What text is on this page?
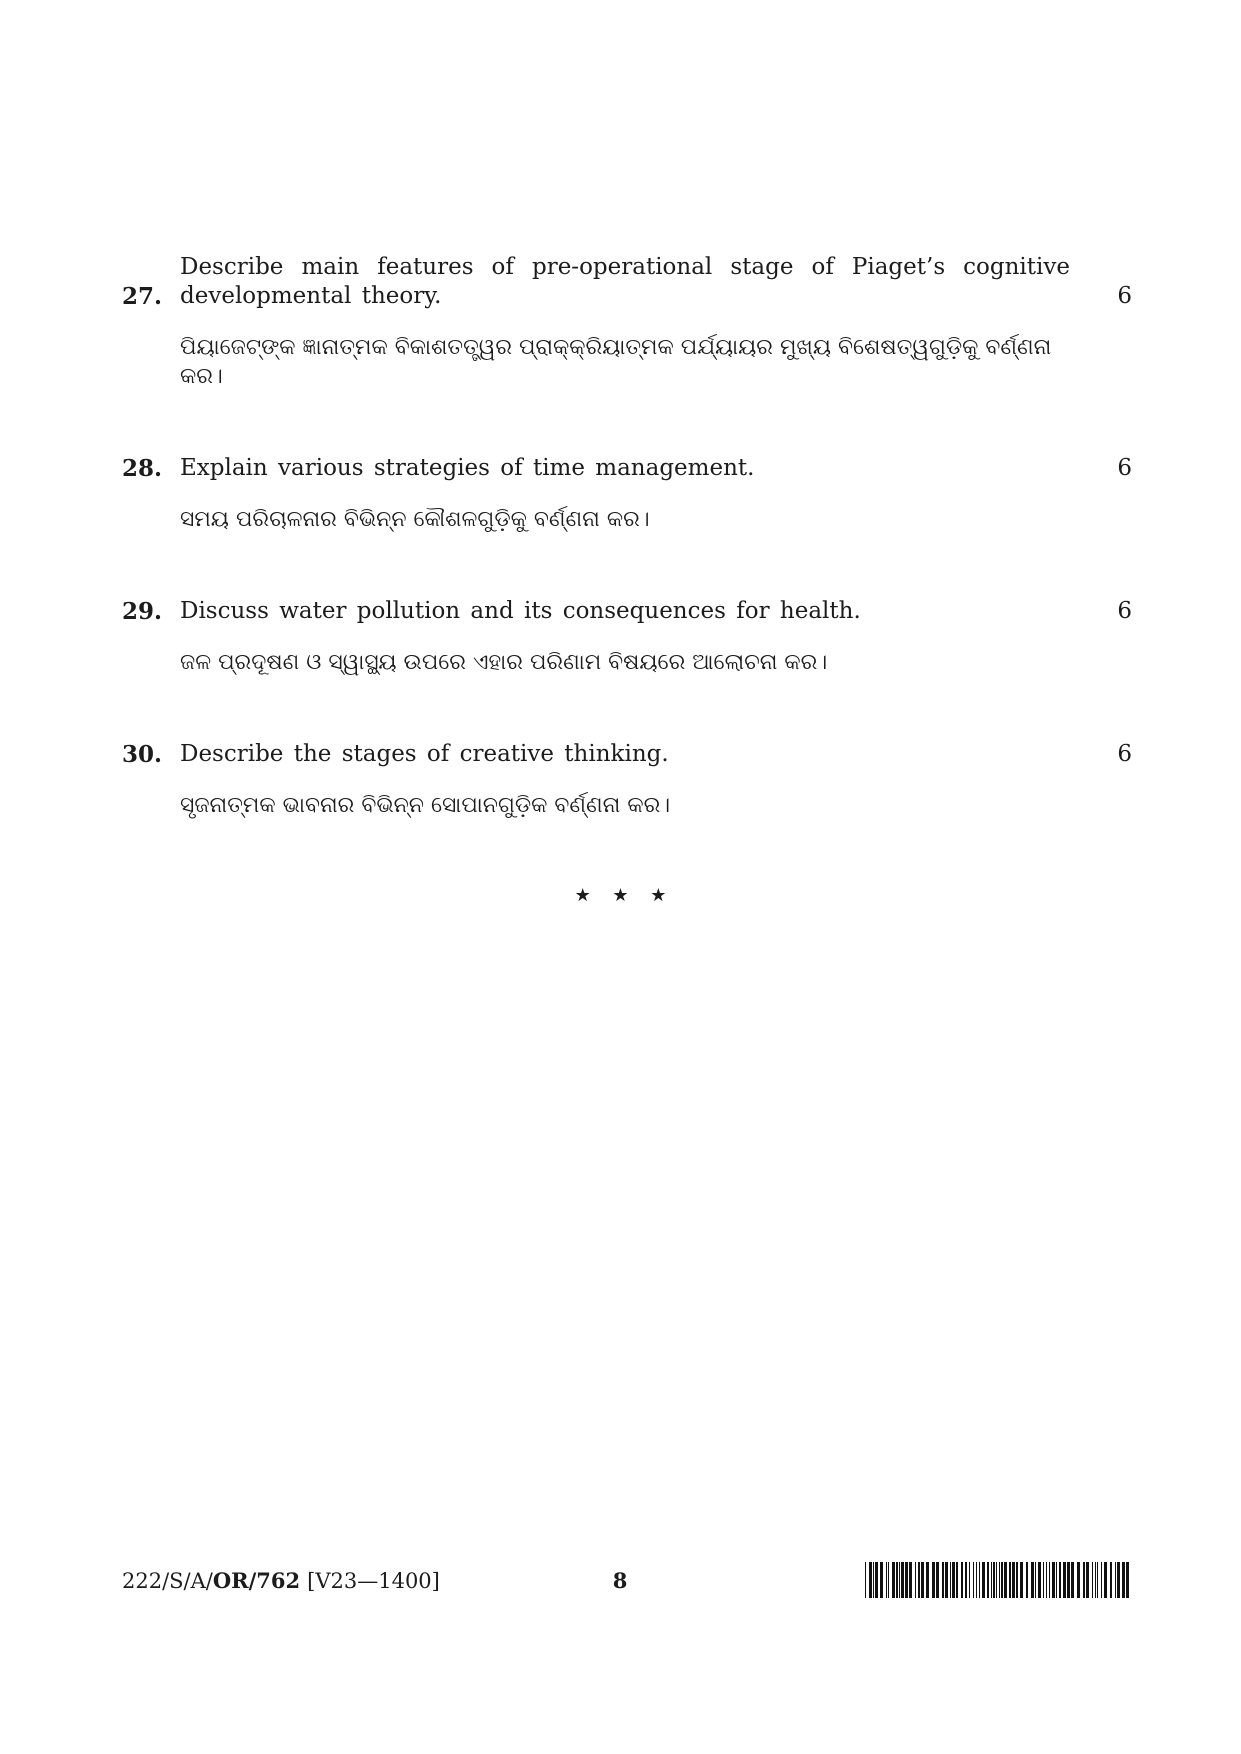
27.
Describe main features of pre-operational stage of Piaget’s cognitive developmental theory.	6
ପିୟାଜେଟ୍‌ଙ୍କ ଜ୍ଞାନାତ୍ମକ ବିକାଶତତ୍ତ୍ୱର ପ୍ରାକ୍‌କ୍ରିୟାତ୍ମକ ପର୍ଯ୍ୟାୟର ମୁଖ୍ୟ ବିଶେଷତ୍ୱଗୁଡ଼ିକୁ ବର୍ଣ୍ଣନା କର।
28. Explain various strategies of time management.	6
ସମୟ ପରିଚାଳନାର ବିଭିନ୍ନ କୌଶଳଗୁଡ଼ିକୁ ବର୍ଣ୍ଣନା କର।
29. Discuss water pollution and its consequences for health.	6
ଜଳ ପ୍ରଦୂଷଣ ଓ ସ୍ୱାସ୍ଥ୍ୟ ଉପରେ ଏହାର ପରିଣାମ ବିଷୟରେ ଆଲୋଚନା କର।
30. Describe the stages of creative thinking.	6
ସୃଜନାତ୍ମକ ଭାବନାର ବିଭିନ୍ନ ସୋପାନଗୁଡ଼ିକ ବର୍ଣ୍ଣନା କର।
★ ★ ★
222/S/A/OR/762 [V23—1400]	8
